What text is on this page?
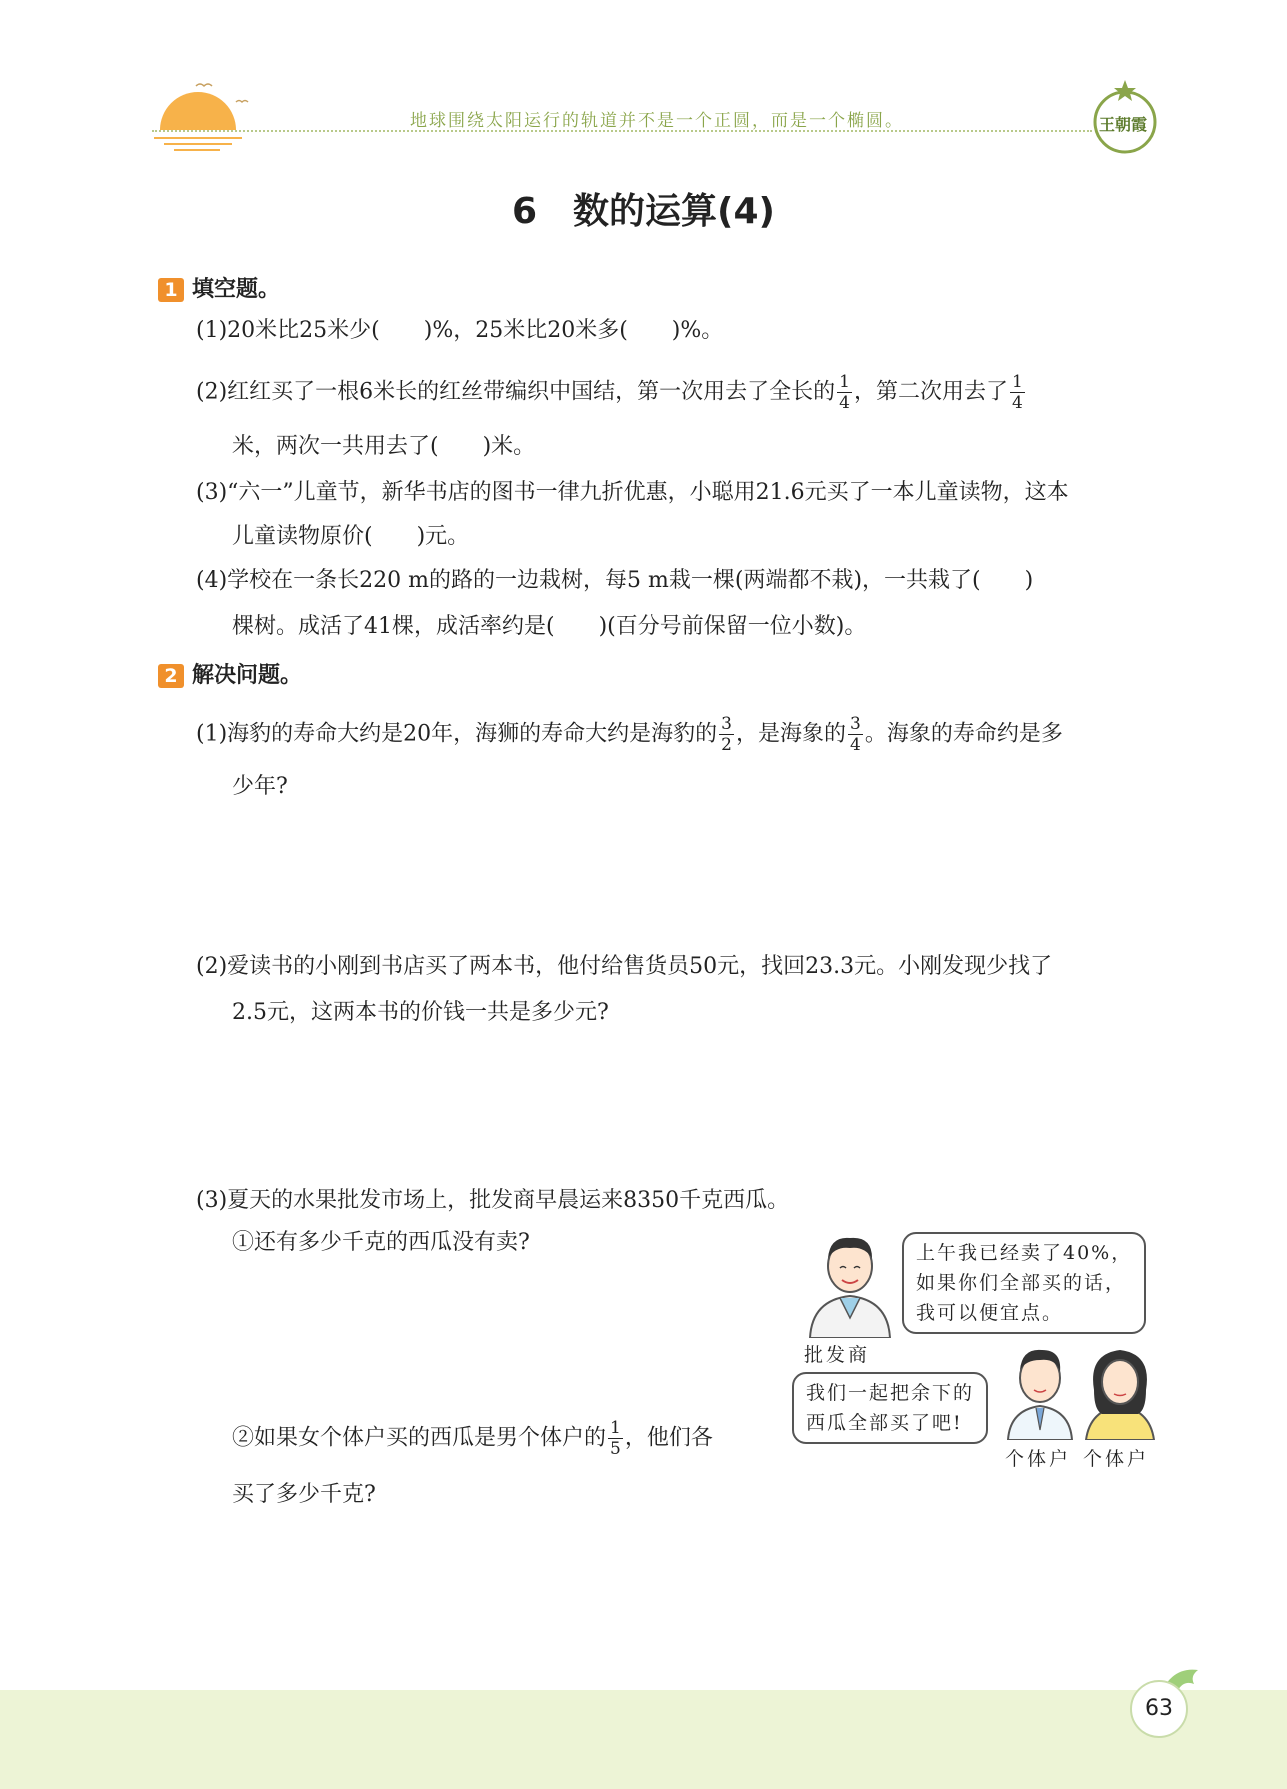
地球围绕太阳运行的轨道并不是一个正圆，而是一个椭圆。	王朝霞
6　数的运算(4)
1 填空题。
(1)20米比25米少(　　)%，25米比20米多(　　)%。
(2)红红买了一根6米长的红丝带编织中国结，第一次用去了全长的 $\frac{1}{4}$ ，第二次用去了 $\frac{1}{4}$
米，两次一共用去了(　　)米。
(3)“六一”儿童节，新华书店的图书一律九折优惠，小聪用21.6元买了一本儿童读物，这本
儿童读物原价(　　)元。
(4)学校在一条长220 m的路的一边栽树，每5 m栽一棵(两端都不栽)，一共栽了(　　)
棵树。成活了41棵，成活率约是(　　)(百分号前保留一位小数)。
2 解决问题。
(1)海豹的寿命大约是20年，海狮的寿命大约是海豹的 $\frac{3}{2}$ ，是海象的 $\frac{3}{4}$ 。海象的寿命约是多
少年?
(2)爱读书的小刚到书店买了两本书，他付给售货员50元，找回23.3元。小刚发现少找了
2.5元，这两本书的价钱一共是多少元?
(3)夏天的水果批发市场上，批发商早晨运来8350千克西瓜。
①还有多少千克的西瓜没有卖?
②如果女个体户买的西瓜是男个体户的 $\frac{1}{5}$ ，他们各
买了多少千克?
上午我已经卖了40%，
如果你们全部买的话，
我可以便宜点。
批发商
我们一起把余下的
西瓜全部买了吧!
个体户 个体户
63
